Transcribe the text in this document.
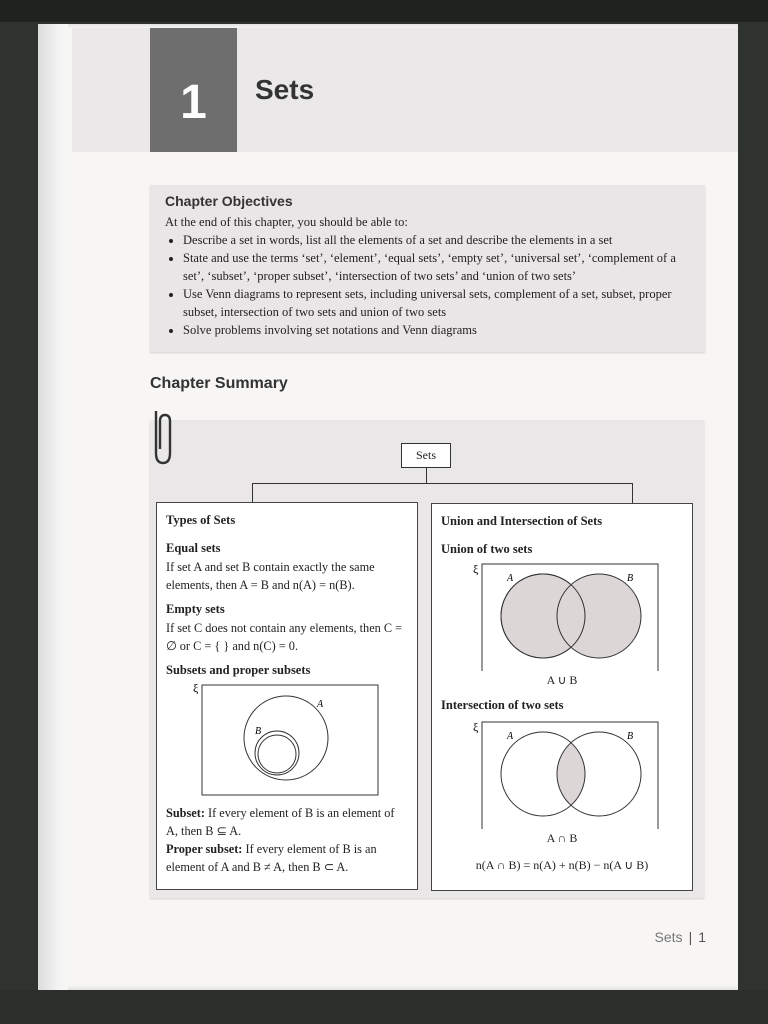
1	Sets
Chapter Objectives
At the end of this chapter, you should be able to:
• Describe a set in words, list all the elements of a set and describe the elements in a set
• State and use the terms ‘set’, ‘element’, ‘equal sets’, ‘empty set’, ‘universal set’, ‘complement of a set’, ‘subset’, ‘proper subset’, ‘intersection of two sets’ and ‘union of two sets’
• Use Venn diagrams to represent sets, including universal sets, complement of a set, subset, proper subset, intersection of two sets and union of two sets
• Solve problems involving set notations and Venn diagrams
Chapter Summary
Sets
Types of Sets
Equal sets
If set A and set B contain exactly the same elements, then A = B and n(A) = n(B).
Empty sets
If set C does not contain any elements, then C = ∅ or C = { } and n(C) = 0.
Subsets and proper subsets
ξ
A
B
Subset: If every element of B is an element of A, then B ⊆ A.
Proper subset: If every element of B is an element of A and B ≠ A, then B ⊂ A.
Union and Intersection of Sets
Union of two sets
ξ
A	B
A ∪ B
Intersection of two sets
ξ
A	B
A ∩ B
n(A ∩ B) = n(A) + n(B) − n(A ∪ B)
Sets | 1
